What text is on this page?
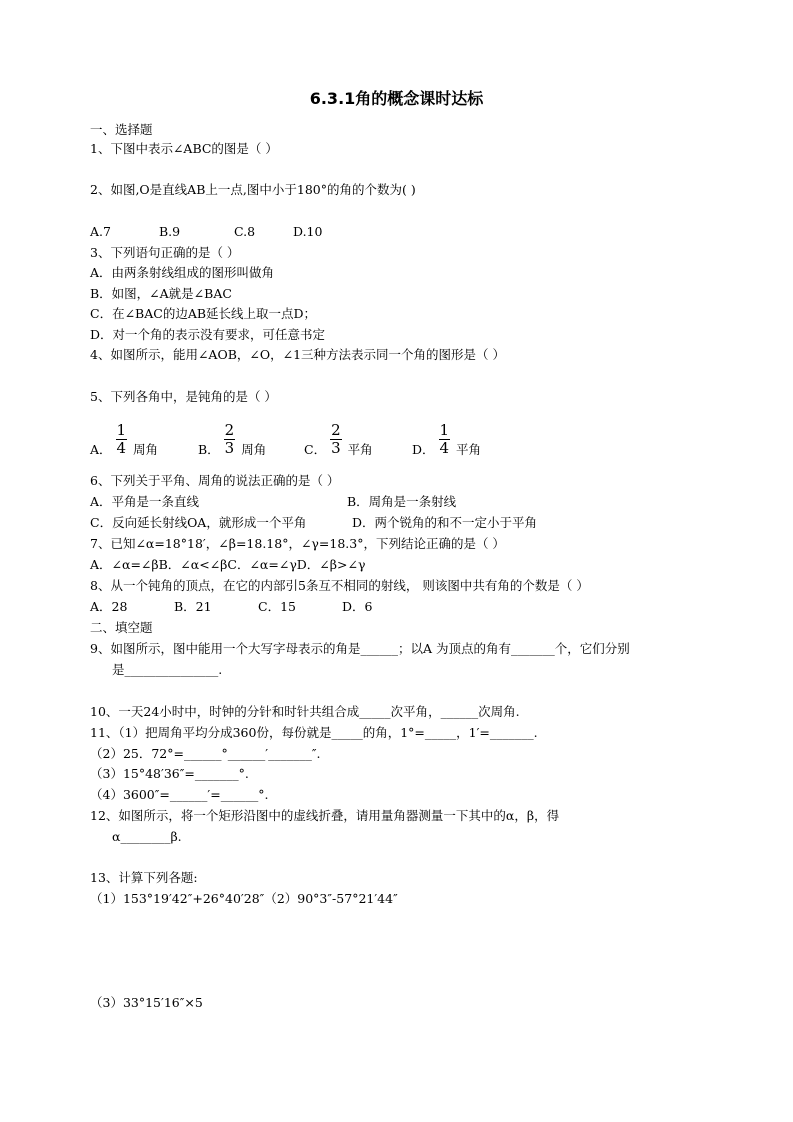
6.3.1角的概念课时达标
一、选择题
1、下图中表示∠ABC的图是（ ）
2、如图,O是直线AB上一点,图中小于180°的角的个数为( )
A.7	B.9	C.8	D.10
3、下列语句正确的是（ ）
A．由两条射线组成的图形叫做角
B．如图，∠A就是∠BAC
C．在∠BAC的边AB延长线上取一点D；
D．对一个角的表示没有要求，可任意书定
4、如图所示，能用∠AOB，∠O，∠1三种方法表示同一个角的图形是（ ）
5、下列各角中，是钝角的是（ ）
A． $\frac{1}{4}$ 周角	B． $\frac{2}{3}$ 周角	C． $\frac{2}{3}$ 平角	D． $\frac{1}{4}$ 平角
6、下列关于平角、周角的说法正确的是（ ）
A．平角是一条直线	B．周角是一条射线
C．反向延长射线OA，就形成一个平角	D．两个锐角的和不一定小于平角
7、已知∠α=18°18′，∠β=18.18°，∠γ=18.3°，下列结论正确的是（ ）
A．∠α=∠βB．∠α<∠βC．∠α=∠γD．∠β>∠γ
8、从一个钝角的顶点，在它的内部引5条互不相同的射线， 则该图中共有角的个数是（ ）
A．28	B．21	C．15	D．6
二、填空题
9、如图所示，图中能用一个大写字母表示的角是______；以A 为顶点的角有_______个，它们分别
是_______________.
10、一天24小时中，时钟的分针和时针共组合成_____次平角，______次周角.
11、（1）把周角平均分成360份，每份就是_____的角，1°=_____，1′=_______.
（2）25．72°=______°______′_______″.
（3）15°48′36″=_______°.
（4）3600″=______′=______°.
12、如图所示，将一个矩形沿图中的虚线折叠，请用量角器测量一下其中的α，β，得
α________β.
13、计算下列各题:
（1）153°19′42″+26°40′28″（2）90°3″-57°21′44″
（3）33°15′16″×5
